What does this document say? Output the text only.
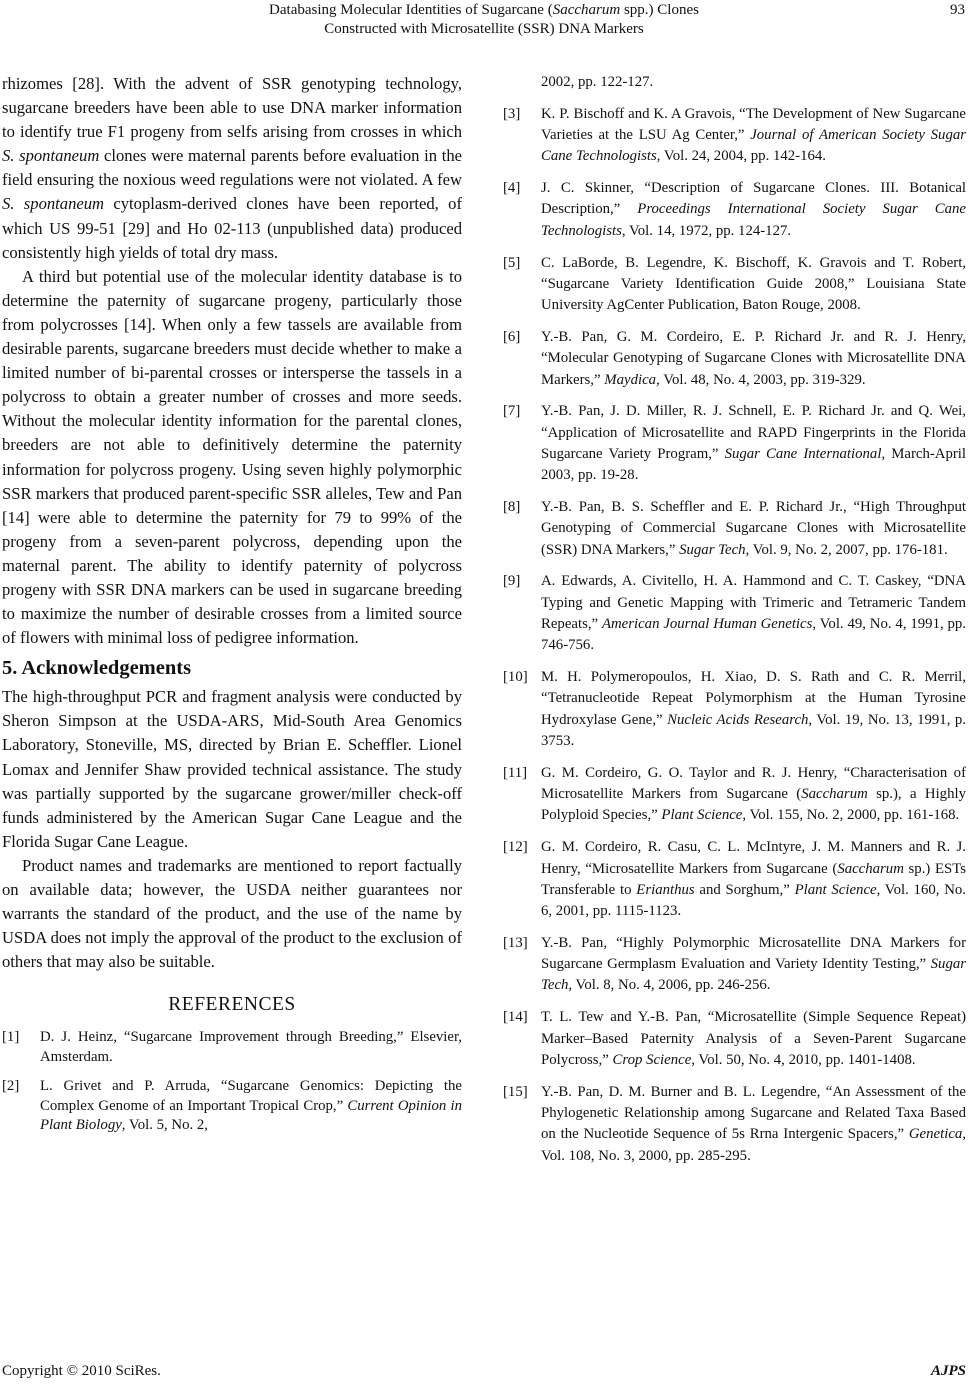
Databasing Molecular Identities of Sugarcane (Saccharum spp.) Clones
Constructed with Microsatellite (SSR) DNA Markers
93

rhizomes [28]. With the advent of SSR genotyping technology, sugarcane breeders have been able to use DNA marker information to identify true F1 progeny from selfs arising from crosses in which S. spontaneum clones were maternal parents before evaluation in the field ensuring the noxious weed regulations were not violated. A few S. spontaneum cytoplasm-derived clones have been reported, of which US 99-51 [29] and Ho 02-113 (unpublished data) produced consistently high yields of total dry mass.

A third but potential use of the molecular identity database is to determine the paternity of sugarcane progeny, particularly those from polycrosses [14]. When only a few tassels are available from desirable parents, sugarcane breeders must decide whether to make a limited number of bi-parental crosses or intersperse the tassels in a polycross to obtain a greater number of crosses and more seeds. Without the molecular identity information for the parental clones, breeders are not able to definitively determine the paternity information for polycross progeny. Using seven highly polymorphic SSR markers that produced parent-specific SSR alleles, Tew and Pan [14] were able to determine the paternity for 79 to 99% of the progeny from a seven-parent polycross, depending upon the maternal parent. The ability to identify paternity of polycross progeny with SSR DNA markers can be used in sugarcane breeding to maximize the number of desirable crosses from a limited source of flowers with minimal loss of pedigree information.

5. Acknowledgements

The high-throughput PCR and fragment analysis were conducted by Sheron Simpson at the USDA-ARS, Mid-South Area Genomics Laboratory, Stoneville, MS, directed by Brian E. Scheffler. Lionel Lomax and Jennifer Shaw provided technical assistance. The study was partially supported by the sugarcane grower/miller check-off funds administered by the American Sugar Cane League and the Florida Sugar Cane League.

Product names and trademarks are mentioned to report factually on available data; however, the USDA neither guarantees nor warrants the standard of the product, and the use of the name by USDA does not imply the approval of the product to the exclusion of others that may also be suitable.

REFERENCES
[1]	D. J. Heinz, “Sugarcane Improvement through Breeding,” Elsevier, Amsterdam.
[2]	L. Grivet and P. Arruda, “Sugarcane Genomics: Depicting the Complex Genome of an Important Tropical Crop,” Current Opinion in Plant Biology, Vol. 5, No. 2,
2002, pp. 122-127.
[3]	K. P. Bischoff and K. A Gravois, “The Development of New Sugarcane Varieties at the LSU Ag Center,” Journal of American Society Sugar Cane Technologists, Vol. 24, 2004, pp. 142-164.
[4]	J. C. Skinner, “Description of Sugarcane Clones. III. Botanical Description,” Proceedings International Society Sugar Cane Technologists, Vol. 14, 1972, pp. 124-127.
[5]	C. LaBorde, B. Legendre, K. Bischoff, K. Gravois and T. Robert, “Sugarcane Variety Identification Guide 2008,” Louisiana State University AgCenter Publication, Baton Rouge, 2008.
[6]	Y.-B. Pan, G. M. Cordeiro, E. P. Richard Jr. and R. J. Henry, “Molecular Genotyping of Sugarcane Clones with Microsatellite DNA Markers,” Maydica, Vol. 48, No. 4, 2003, pp. 319-329.
[7]	Y.-B. Pan, J. D. Miller, R. J. Schnell, E. P. Richard Jr. and Q. Wei, “Application of Microsatellite and RAPD Fingerprints in the Florida Sugarcane Variety Program,” Sugar Cane International, March-April 2003, pp. 19-28.
[8]	Y.-B. Pan, B. S. Scheffler and E. P. Richard Jr., “High Throughput Genotyping of Commercial Sugarcane Clones with Microsatellite (SSR) DNA Markers,” Sugar Tech, Vol. 9, No. 2, 2007, pp. 176-181.
[9]	A. Edwards, A. Civitello, H. A. Hammond and C. T. Caskey, “DNA Typing and Genetic Mapping with Trimeric and Tetrameric Tandem Repeats,” American Journal Human Genetics, Vol. 49, No. 4, 1991, pp. 746-756.
[10] M. H. Polymeropoulos, H. Xiao, D. S. Rath and C. R. Merril, “Tetranucleotide Repeat Polymorphism at the Human Tyrosine Hydroxylase Gene,” Nucleic Acids Research, Vol. 19, No. 13, 1991, p. 3753.
[11] G. M. Cordeiro, G. O. Taylor and R. J. Henry, “Characterisation of Microsatellite Markers from Sugarcane (Saccharum sp.), a Highly Polyploid Species,” Plant Science, Vol. 155, No. 2, 2000, pp. 161-168.
[12] G. M. Cordeiro, R. Casu, C. L. McIntyre, J. M. Manners and R. J. Henry, “Microsatellite Markers from Sugarcane (Saccharum sp.) ESTs Transferable to Erianthus and Sorghum,” Plant Science, Vol. 160, No. 6, 2001, pp. 1115-1123.
[13] Y.-B. Pan, “Highly Polymorphic Microsatellite DNA Markers for Sugarcane Germplasm Evaluation and Variety Identity Testing,” Sugar Tech, Vol. 8, No. 4, 2006, pp. 246-256.
[14] T. L. Tew and Y.-B. Pan, “Microsatellite (Simple Sequence Repeat) Marker–Based Paternity Analysis of a Seven-Parent Sugarcane Polycross,” Crop Science, Vol. 50, No. 4, 2010, pp. 1401-1408.
[15] Y.-B. Pan, D. M. Burner and B. L. Legendre, “An Assessment of the Phylogenetic Relationship among Sugarcane and Related Taxa Based on the Nucleotide Sequence of 5s Rrna Intergenic Spacers,” Genetica, Vol. 108, No. 3, 2000, pp. 285-295.
Copyright © 2010 SciRes.	AJPS
